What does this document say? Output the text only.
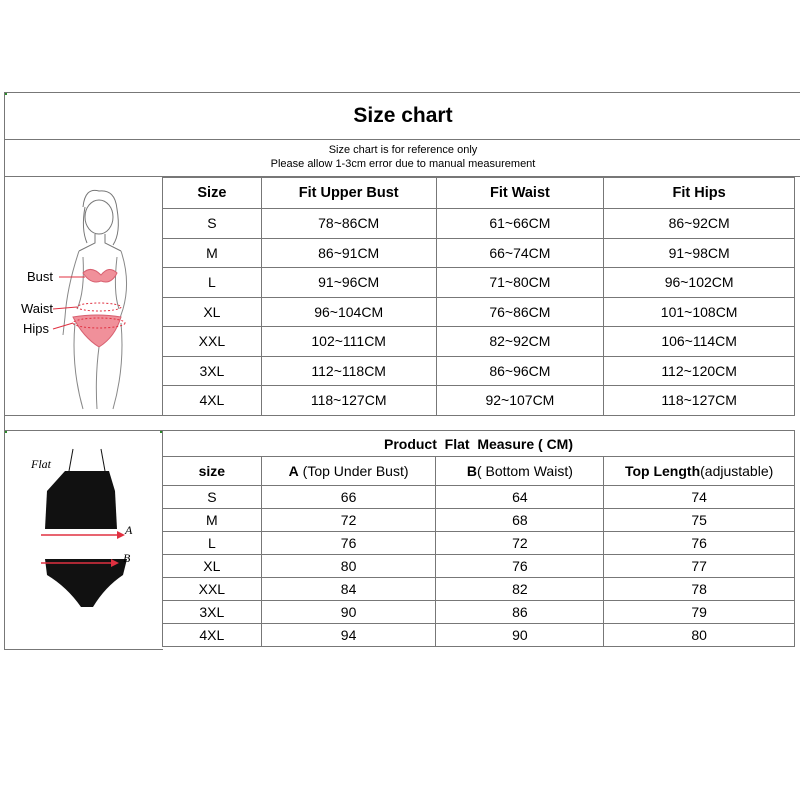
Size chart
Size chart is for reference only
Please allow 1-3cm error due to manual measurement
Bust
Waist
Hips
Flat
A
B
Size	Fit Upper Bust	Fit Waist	Fit Hips
S	78~86CM	61~66CM	86~92CM
M	86~91CM	66~74CM	91~98CM
L	91~96CM	71~80CM	96~102CM
XL	96~104CM	76~86CM	101~108CM
XXL	102~111CM	82~92CM	106~114CM
3XL	112~118CM	86~96CM	112~120CM
4XL	118~127CM	92~107CM	118~127CM
Product  Flat  Measure ( CM)			
size	A (Top Under Bust)	B( Bottom Waist)	Top Length(adjustable)
S	66	64	74
M	72	68	75
L	76	72	76
XL	80	76	77
XXL	84	82	78
3XL	90	86	79
4XL	94	90	80
